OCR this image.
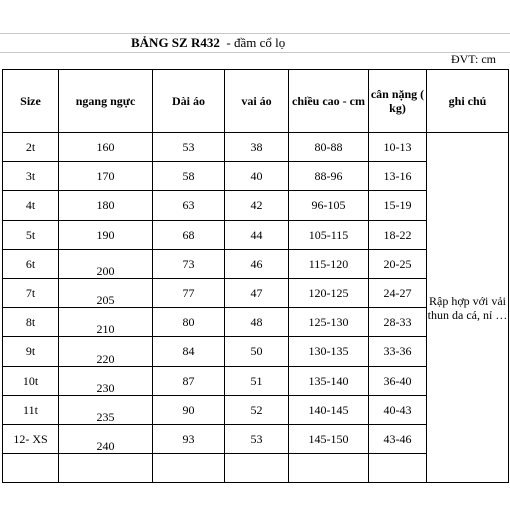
BẢNG SZ R432  - đầm cổ lọ
ĐVT: cm
Size	ngang ngực	Dài áo	vai áo	chiều cao - cm	cân nặng ( kg)	ghi chú
2t	160	53	38	80-88	10-13	Rập hợp với vải thun da cá, nỉ …
3t	170	58	40	88-96	13-16	
4t	180	63	42	96-105	15-19	
5t	190	68	44	105-115	18-22	
6t	200	73	46	115-120	20-25	
7t	205	77	47	120-125	24-27	
8t	210	80	48	125-130	28-33	
9t	220	84	50	130-135	33-36	
10t	230	87	51	135-140	36-40	
11t	235	90	52	140-145	40-43	
12- XS	240	93	53	145-150	43-46	
